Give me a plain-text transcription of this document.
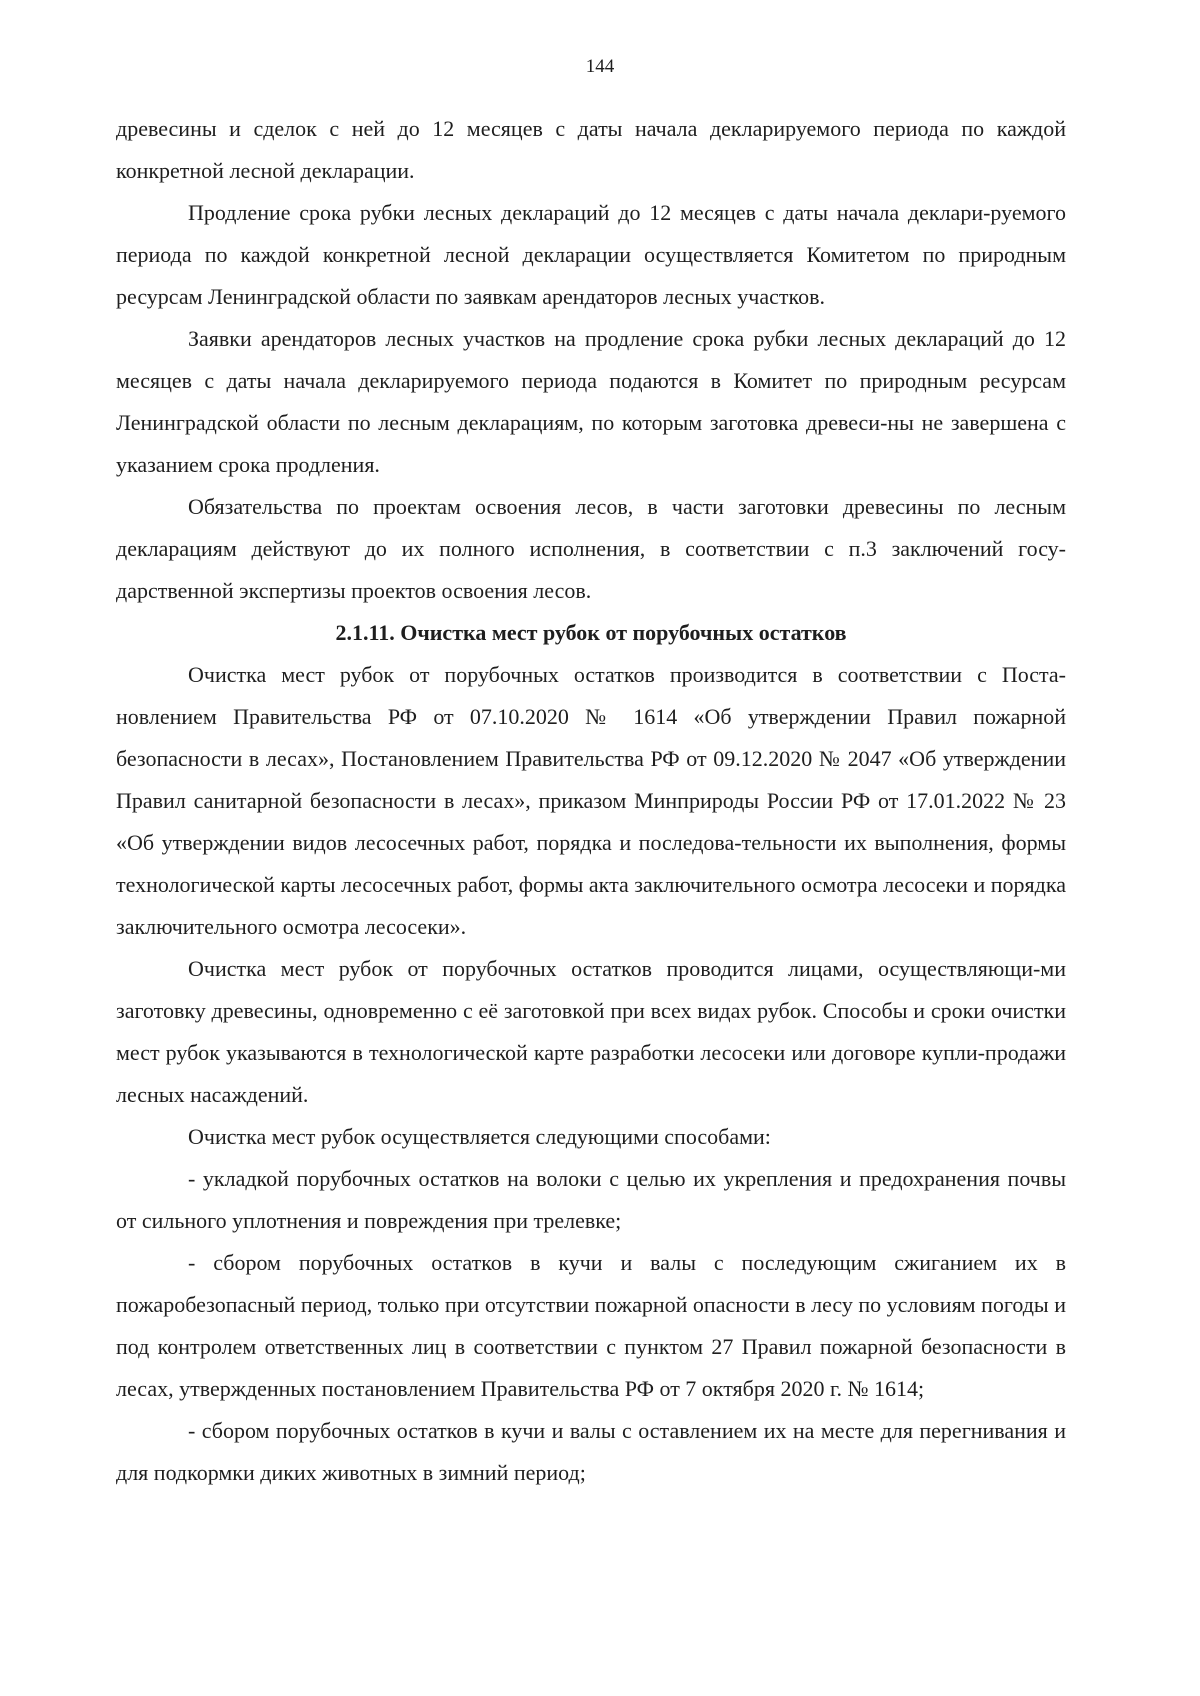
144

древесины и сделок с ней до 12 месяцев с даты начала декларируемого периода по каждой конкретной лесной декларации.

Продление срока рубки лесных деклараций до 12 месяцев с даты начала деклари-руемого периода по каждой конкретной лесной декларации осуществляется Комитетом по природным ресурсам Ленинградской области по заявкам арендаторов лесных участков.

Заявки арендаторов лесных участков на продление срока рубки лесных деклараций до 12 месяцев с даты начала декларируемого периода подаются в Комитет по природным ресурсам Ленинградской области по лесным декларациям, по которым заготовка древеси-ны не завершена с указанием срока продления.

Обязательства по проектам освоения лесов, в части заготовки древесины по лесным декларациям действуют до их полного исполнения, в соответствии с п.3 заключений госу-дарственной экспертизы проектов освоения лесов.

2.1.11. Очистка мест рубок от порубочных остатков

Очистка мест рубок от порубочных остатков производится в соответствии с Поста-новлением Правительства РФ от 07.10.2020 № 1614 «Об утверждении Правил пожарной безопасности в лесах», Постановлением Правительства РФ от 09.12.2020 № 2047 «Об утверждении Правил санитарной безопасности в лесах», приказом Минприроды России РФ от 17.01.2022 № 23 «Об утверждении видов лесосечных работ, порядка и последова-тельности их выполнения, формы технологической карты лесосечных работ, формы акта заключительного осмотра лесосеки и порядка заключительного осмотра лесосеки».

Очистка мест рубок от порубочных остатков проводится лицами, осуществляющи-ми заготовку древесины, одновременно с её заготовкой при всех видах рубок. Способы и сроки очистки мест рубок указываются в технологической карте разработки лесосеки или договоре купли-продажи лесных насаждений.

Очистка мест рубок осуществляется следующими способами:

- укладкой порубочных остатков на волоки с целью их укрепления и предохранения почвы от сильного уплотнения и повреждения при трелевке;

- сбором порубочных остатков в кучи и валы с последующим сжиганием их в пожаробезопасный период, только при отсутствии пожарной опасности в лесу по условиям погоды и под контролем ответственных лиц в соответствии с пунктом 27 Правил пожарной безопасности в лесах, утвержденных постановлением Правительства РФ от 7 октября 2020 г. № 1614;

- сбором порубочных остатков в кучи и валы с оставлением их на месте для перегнивания и для подкормки диких животных в зимний период;
